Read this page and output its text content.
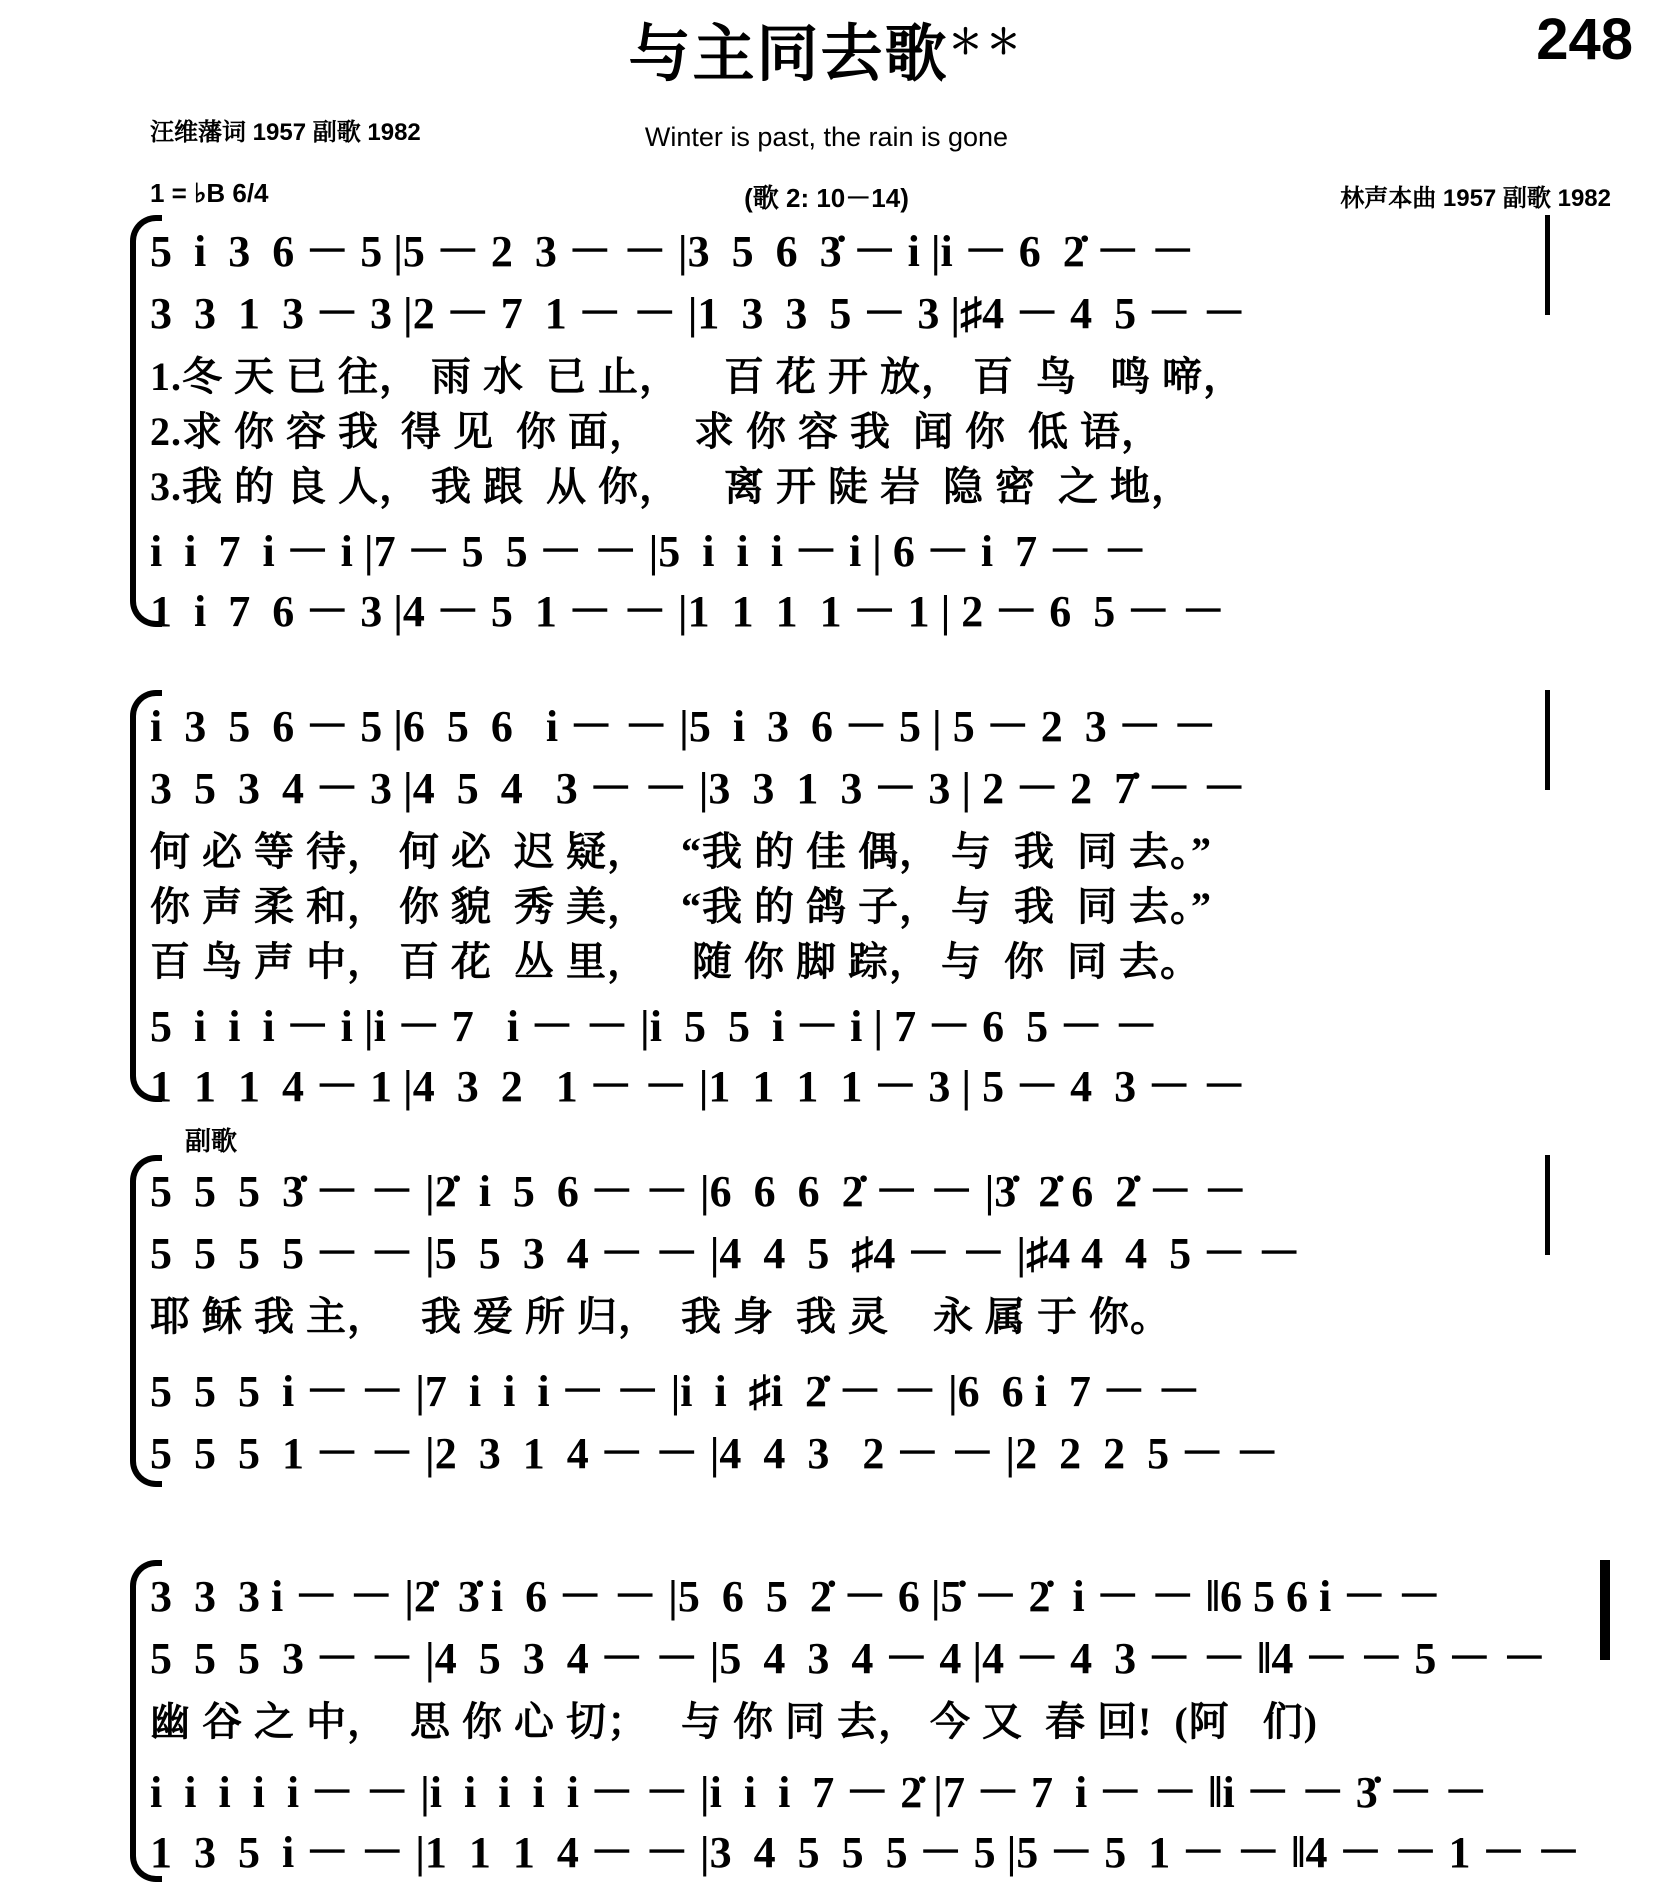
与主同去歌＊＊	248
汪维藩词 1957 副歌 1982
1 = ♭B 6/4
Winter is past, the rain is gone
(歌 2: 10－14)	林声本曲 1957 副歌 1982
5  i  3  6 － 5 |5 － 2  3 － － |3  5  6  3̇ － i |i － 6  2̇ － －
3  3  1  3 － 3 |2 － 7  1 － － |1  3  3  5 － 3 |♯4 － 4  5 － －
1.冬 天 已 往， 雨 水  已 止，    百 花 开 放， 百  鸟   鸣 啼，
2.求 你 容 我  得 见  你 面，    求 你 容 我  闻 你  低 语，
3.我 的 良 人， 我 跟  从 你，    离 开 陡 岩  隐 密  之 地，
i  i  7  i － i |7 － 5  5 － － |5  i  i  i － i | 6 － i  7 － －
1  i  7  6 － 3 |4 － 5  1 － － |1  1  1  1 － 1 | 2 － 6  5 － －
i  3  5  6 － 5 |6  5  6   i － － |5  i  3  6 － 5 | 5 － 2  3 － －
3  5  3  4 － 3 |4  5  4   3 － － |3  3  1  3 － 3 | 2 － 2  7̇ － －
何 必 等 待， 何 必  迟 疑，   “我 的 佳 偶， 与  我  同 去。”
你 声 柔 和， 你 貌  秀 美，   “我 的 鸽 子， 与  我  同 去。”
百 鸟 声 中， 百 花  丛 里，    随 你 脚 踪， 与  你  同 去。
5  i  i  i － i |i － 7   i － － |i  5  5  i － i | 7 － 6  5 － －
1  1  1  4 － 1 |4  3  2   1 － － |1  1  1  1 － 3 | 5 － 4  3 － －
副歌
5  5  5  3̇ － － |2̇  i  5  6 － － |6  6  6  2̇ － － |3̇  2̇ 6  2̇ － －
5  5  5  5 － － |5  5  3  4 － － |4  4  5  ♯4 － － |♯4 4  4  5 － －
耶 稣 我 主，   我 爱 所 归，  我 身  我 灵    永 属 于 你。
5  5  5  i － － |7  i  i  i － － |i  i  ♯i  2̇ － － |6  6 i  7 － －
5  5  5  1 － － |2  3  1  4 － － |4  4  3   2 － － |2  2  2  5 － －
3  3  3 i － － |2̇  3̇ i  6 － － |5  6  5  2̇ － 6 |5̇ － 2̇  i － － ‖6 5 6 i － －
5  5  5  3 － － |4  5  3  4 － － |5  4  3  4 － 4 |4 － 4  3 － － ‖4 － － 5 － －
幽 谷 之 中，  思 你 心 切；   与 你 同 去， 今 又  春 回!  (阿   们)
i  i  i  i  i － － |i  i  i  i  i － － |i  i  i  7 － 2̇ |7 － 7  i － － ‖i － － 3̇ － －
1  3  5  i － － |1  1  1  4 － － |3  4  5  5  5 － 5 |5 － 5  1 － － ‖4 － － 1 － －
